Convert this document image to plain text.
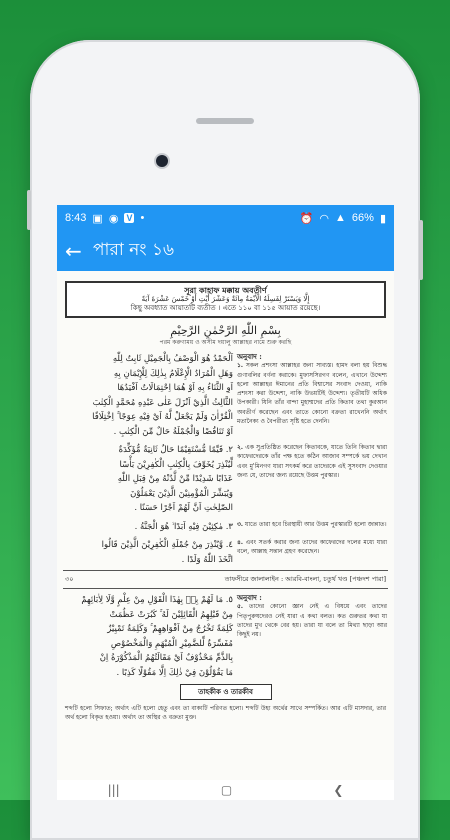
8:43 ▣ ◉ V •	⏰ ◠ ▲ 66% ▮
← পারা নং ১৬
সূরা কাহাফ মক্কায় অবতীর্ণ
إِلَّا وَيَسْتَرْ لِفَسِلَهُ الْأَيْمَةُ مِائَةٌ وَعَشْرَ أَيْتِ أَوْ خَمْسَ عَشْرَةَ آيَةً
কিছু অবধ্যাত আয়াতটি ব্যতীত । এতে ১১০ বা ১১৫ আয়াত রয়েছে।
بِسْمِ اللّٰهِ الرَّحْمٰنِ الرَّحِيْمِ
পরম করুণাময় ও অসীম দয়ালু আল্লাহর নামে শুরু করছি
اَلْحَمْدُ هُوَ الْوَصْفُ بِالْجَمِيْلِ ثَابِتٌ لِلّٰهِ
وَهَلِ الْمُرَادُ الْإِعْلَامُ بِذٰلِكَ لِلْإِيْمَانِ بِهِ
اَوِ الثَّنَاءُ بِهِ اَوْ هُمَا اِحْتِمَالَاتٌ اَفْيَدُهَا
الثَّالِثُ الَّذِيْ اَنْزَلَ عَلٰى عَبْدِهِ مُحَمَّدٍ الْكِتٰبَ
الْقُرْاٰنَ وَلَمْ يَجْعَلْ لَّهُ اَيْ فِيْهِ عِوَجًا ۚ اِخْتِلَافًا
اَوْ تَنَاقُضًا وَالْجُمْلَةُ حَالٌ مِّنَ الْكِتٰبِ .
অনুবাদ :
১. সকল প্রশংসা আল্লাহর জন্য সাব্যস্ত। হামদ বলা হয় বিশুদ্ধ গুণাবলির বর্ণনা করাকে। মুফাসসিরগণ বলেন, এখানে উদ্দেশ্য হলো আল্লাহর ঈমানের প্রতি বিশ্বাসের সংবাদ দেওয়া, নাকি প্রশংসা করা উদ্দেশ্য, নাকি উভয়টিই উদ্দেশ্য। তৃতীয়টি অধিক উপকারী। যিনি তাঁর বান্দা মুহাম্মদের প্রতি কিতাব তথা কুরআন অবতীর্ণ করেছেন এবং তাতে কোনো বক্রতা রাখেননি অর্থাৎ মতানৈক্য ও বৈপরীত্য সৃষ্টি হতে দেননি।
٢. قَيِّمًا مُّسْتَقِيْمًا حَالٌ ثَانِيَةٌ مُّؤَكِّدَةٌ
لِّيُنْذِرَ يُخَوِّفَ بِالْكِتٰبِ الْكٰفِرِيْنَ بَأْسًا
عَذَابًا شَدِيْدًا مِّنْ لَّدُنْهُ مِنْ قِبَلِ اللّٰهِ
وَيُبَشِّرَ الْمُؤْمِنِيْنَ الَّذِيْنَ يَعْمَلُوْنَ
الصّٰلِحٰتِ اَنَّ لَهُمْ اَجْرًا حَسَنًا .
২. এক সুপ্রতিষ্ঠিত করেছেন কিতাবকে, যাতে তিনি কিতাব দ্বারা কাফেরদেরকে তাঁর পক্ষ হতে কঠিন আজাব সম্পর্কে ভয় দেখান এবং মু'মিনগণ যারা সৎকর্ম করে তাদেরকে এই সুসংবাদ দেওয়ার জন্য যে, তাদের জন্য রয়েছে উত্তম পুরস্কার।
٣. مٰكِثِيْنَ فِيْهِ اَبَدًا ۙ هُوَ الْجَنَّةُ . ৩. যাতে তারা হবে চিরস্থায়ী আর উত্তম পুরস্কারটি হলো জান্নাত।
٤. وَّيُنْذِرَ مِنْ جُمْلَةِ الْكٰفِرِيْنَ الَّذِيْنَ قَالُوا
اتَّخَذَ اللّٰهُ وَلَدًا .
৪. এবং সতর্ক করার জন্য তাদের কাফেরদের দলের মধ্যে যারা বলে, আল্লাহ সন্তান গ্রহণ করেছেন।
৩০	তাফসীরে জালালাইন : আরবি-বাংলা, চতুর্থ খণ্ড [পঞ্চদশ পারা]
٥. مَا لَهُمْ بِهٖ بِهٰذَا الْقَوْلِ مِنْ عِلْمٍ وَّلَا لِاٰبَائِهِمْ
مِنْ قَبْلِهِمُ الْقَائِلِيْنَ لَهُ ۚ كَبُرَتْ عَظُمَتْ
كَلِمَةً تَخْرُجُ مِنْ اَفْوَاهِهِمْ ۚ وَكَلِمَةٌ تَمْيِيْزٌ
مُفَسِّرَةٌ لِّلضَّمِيْرِ الْمُبْهَمِ وَالْمَخْصُوْصِ
بِالذَّمِّ مَحْذُوْفٌ اَيْ مَقَالَتُهُمُ الْمَذْكُوْرَةُ اِنْ
مَا يَقُوْلُوْنَ فِيْ ذٰلِكَ اِلَّا مَقُوْلًا كَذِبًا .
অনুবাদ :
৫. তাদের কোনো জ্ঞান নেই এ বিষয়ে এবং তাদের পিতৃপুরুষদেরও নেই যারা এ কথা বলত। কত গুরুতর কথা যা তাদের মুখ থেকে বের হয়। তারা যা বলে তা মিথ্যা ছাড়া আর কিছুই নয়।
তাহকীক ও তারকীব
শব্দটি হলো সিফাত; অর্থাৎ এটি হলো হেতু এবং তা বাক্যটি পরিণত হলো। শব্দটি উহ্য অর্থের সাথে সম্পর্কিত। আর এটি মাসদার, তার অর্থ হলো বিকৃত হওয়া। অর্থাৎ তা অস্থির ও বক্রতা মুক্ত।
|||	▢	❮
